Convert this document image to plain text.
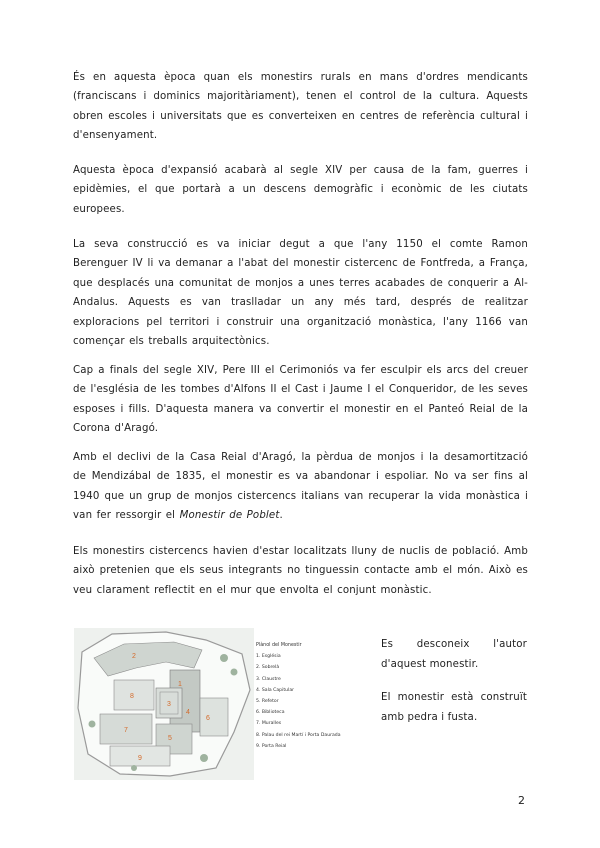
És en aquesta època quan els monestirs rurals en mans d'ordres mendicants (franciscans i dominics majoritàriament), tenen el control de la cultura. Aquests obren escoles i universitats que es converteixen en centres de referència cultural i d'ensenyament.

Aquesta època d'expansió acabarà al segle XIV per causa de la fam, guerres i epidèmies, el que portarà a un descens demogràfic i econòmic de les ciutats europees.

La seva construcció es va iniciar degut a que l'any 1150 el comte Ramon Berenguer IV li va demanar a l'abat del monestir cistercenc de Fontfreda, a França, que desplacés una comunitat de monjos a unes terres acabades de conquerir a Al-Andalus. Aquests es van traslladar un any més tard, després de realitzar exploracions pel territori i construir una organització monàstica, l'any 1166 van començar els treballs arquitectònics.

Cap a finals del segle XIV, Pere III el Cerimoniós va fer esculpir els arcs del creuer de l'església de les tombes d'Alfons II el Cast i Jaume I el Conqueridor, de les seves esposes i fills. D'aquesta manera va convertir el monestir en el Panteó Reial de la Corona d'Aragó.

Amb el declivi de la Casa Reial d'Aragó, la pèrdua de monjos i la desamortització de Mendizábal de 1835, el monestir es va abandonar i espoliar. No va ser fins al 1940 que un grup de monjos cistercencs italians van recuperar la vida monàstica i van fer ressorgir el Monestir de Poblet.

Els monestirs cistercencs havien d'estar localitzats lluny de nuclis de població. Amb això pretenien que els seus integrants no tinguessin contacte amb el món. Això es veu clarament reflectit en el mur que envolta el conjunt monàstic.

1
2
3
4
5
6
7
8
9
Plànol del Monestir
1. Església
2. Sobrelà
3. Claustre
4. Sala Capitular
5. Refetor
6. Biblioteca
7. Muralles
8. Palau del rei Martí i Porta Daurada
9. Porta Reial

Es desconeix l'autor d'aquest monestir.

El monestir està construït amb pedra i fusta.

2
